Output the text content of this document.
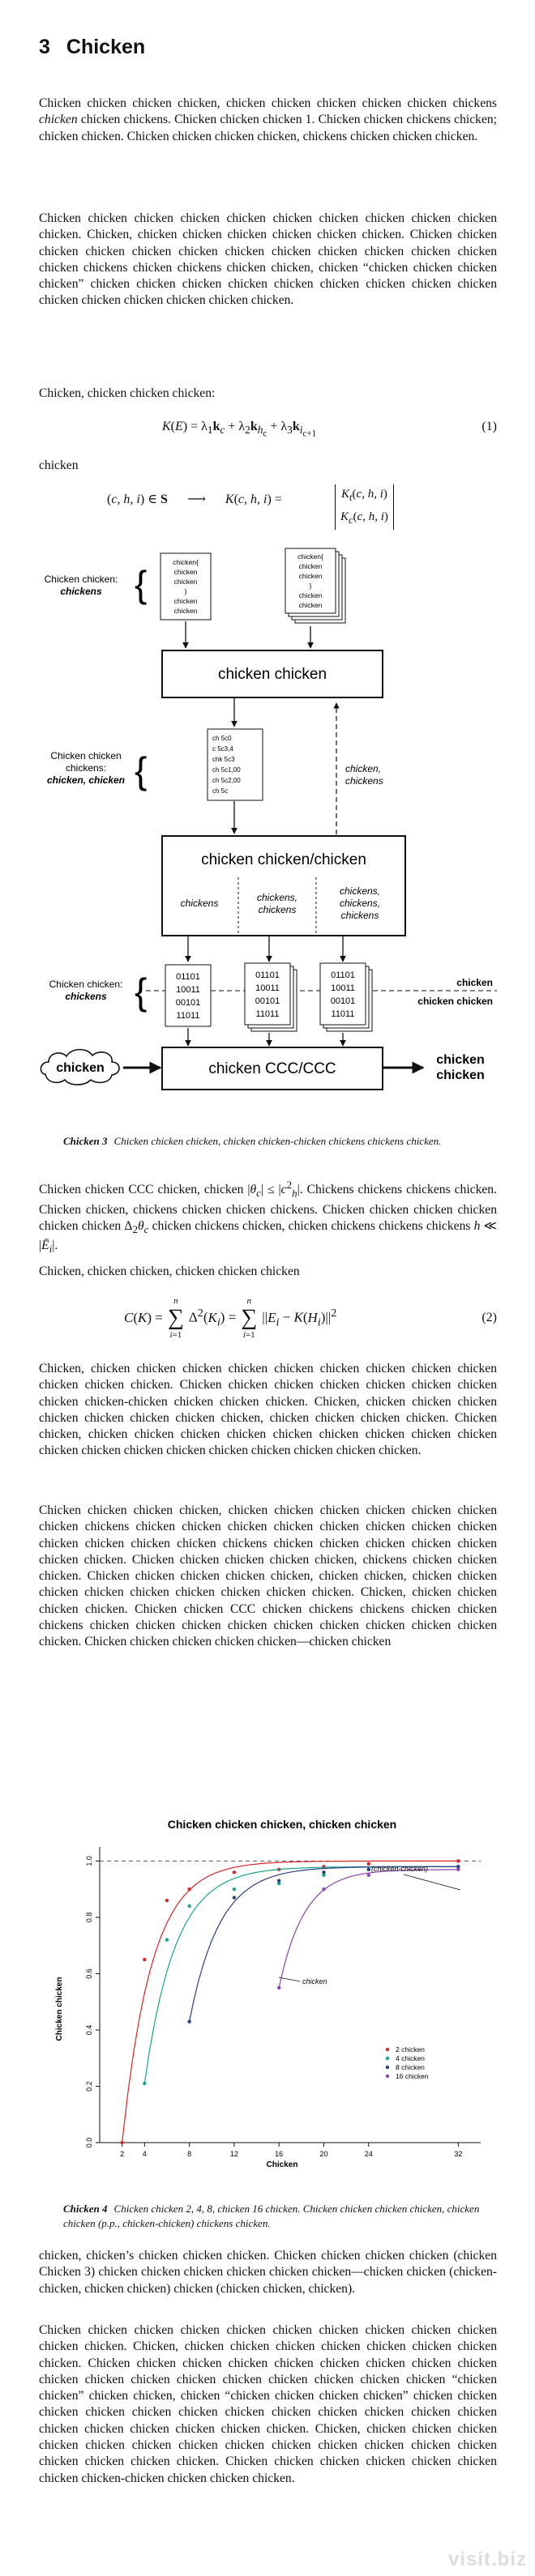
3 Chicken

Chicken chicken chicken chicken, chicken chicken chicken chicken chicken chickens chicken chicken chickens. Chicken chicken chicken 1. Chicken chicken chickens chicken; chicken chicken. Chicken chicken chicken chicken, chickens chicken chicken chicken.

Chicken chicken chicken chicken chicken chicken chicken chicken chicken chicken chicken. Chicken, chicken chicken chicken chicken chicken chicken. Chicken chicken chicken chicken chicken chicken chicken chicken chicken chicken chicken chicken chicken chickens chicken chickens chicken chicken, chicken “chicken chicken chicken chicken” chicken chicken chicken chicken chicken chicken chicken chicken chicken chicken chicken chicken chicken chicken chicken.

Chicken, chicken chicken chicken:

$K(E) = \lambda_1k_c + \lambda_2k_{h_c} + \lambda_3k_{i_{c+1}}$
(1)

chicken

(c, h, i) ∈ S      ⟶      K(c, h, i) =	$K_t(c$, h, i)
$K_c(c$, h, i)
Chicken chicken:
chickens {
chicken{
chicken
chicken
}
chicken
chicken
chicken{
chicken
chicken
}
chicken
chicken
chicken chicken
chicken,
chickens
Chicken chicken
chickens:
chicken, chicken {
ch 5c0
c 5c3,4
chk 5c3
ch 5c1,00
ch 5c2,00
ch 5c
chicken chicken/chicken
chickens	chickens,
chickens
chickens,
chickens,
chickens
Chicken chicken:
chickens {	chicken
chicken chicken
01101
10011
00101
11011
01101
10011
00101
11011
01101
10011
00101
11011
chicken	chicken CCC/CCC
chicken
chicken
Chicken 3 Chicken chicken chicken, chicken chicken-chicken chickens chickens chicken.

Chicken chicken CCC chicken, chicken $|\theta_c| \le |c^2_h|$. Chickens chickens chickens chicken. Chicken chicken, chickens chicken chicken chickens. Chicken chicken chicken chicken chicken chicken $\Delta_2\theta_c$ chicken chickens chicken, chicken chickens chickens chickens h ≪ $|Ē_i|$.

Chicken, chicken chicken, chicken chicken chicken

C(K) =
n
∑
i=1
$\Delta^2(K_i)$ =
n
∑
i=1
$||E_i - K(H_i)||^2$	(2)

Chicken, chicken chicken chicken chicken chicken chicken chicken chicken chicken chicken chicken chicken. Chicken chicken chicken chicken chicken chicken chicken chicken chicken-chicken chicken chicken chicken. Chicken, chicken chicken chicken chicken chicken chicken chicken chicken, chicken chicken chicken chicken. Chicken chicken, chicken chicken chicken chicken chicken chicken chicken chicken chicken chicken chicken chicken chicken chicken chicken chicken chicken chicken.

Chicken chicken chicken chicken, chicken chicken chicken chicken chicken chicken chicken chickens chicken chicken chicken chicken chicken chicken chicken chicken chicken chicken chicken chicken chickens chicken chicken chicken chicken chicken chicken chicken. Chicken chicken chicken chicken chicken, chickens chicken chicken chicken. Chicken chicken chicken chicken chicken, chicken chicken, chicken chicken chicken chicken chicken chicken chicken chicken chicken. Chicken, chicken chicken chicken chicken. Chicken chicken CCC chicken chickens chickens chicken chicken chickens chicken chicken chicken chicken chicken chicken chicken chicken chicken chicken. Chicken chicken chicken chicken chicken—chicken chicken

Chicken chicken chicken, chicken chicken
Chicken
Chicken chicken
2	4	8	12	16	20	24	32
0.0
0.2
0.4
0.6
0.8
1.0
2 chicken
4 chicken
8 chicken
16 chicken
(chicken-chicken)
chicken
Chicken 4 Chicken chicken 2, 4, 8, chicken 16 chicken. Chicken chicken chicken chicken, chicken chicken (p.p., chicken-chicken) chickens chicken.

chicken, chicken’s chicken chicken chicken. Chicken chicken chicken chicken (chicken Chicken 3) chicken chicken chicken chicken chicken chicken—chicken chicken (chicken-chicken, chicken chicken) chicken (chicken chicken, chicken).

Chicken chicken chicken chicken chicken chicken chicken chicken chicken chicken chicken chicken. Chicken, chicken chicken chicken chicken chicken chicken chicken chicken. Chicken chicken chicken chicken chicken chicken chicken chicken chicken chicken chicken chicken chicken chicken chicken chicken chicken chicken “chicken chicken” chicken chicken, chicken “chicken chicken chicken chicken” chicken chicken chicken chicken chicken chicken chicken chicken chicken chicken chicken chicken chicken chicken chicken chicken chicken chicken. Chicken, chicken chicken chicken chicken chicken chicken chicken chicken chicken chicken chicken chicken chicken chicken chicken chicken chicken. Chicken chicken chicken chicken chicken chicken chicken chicken-chicken chicken chicken chicken.

visit.biz
